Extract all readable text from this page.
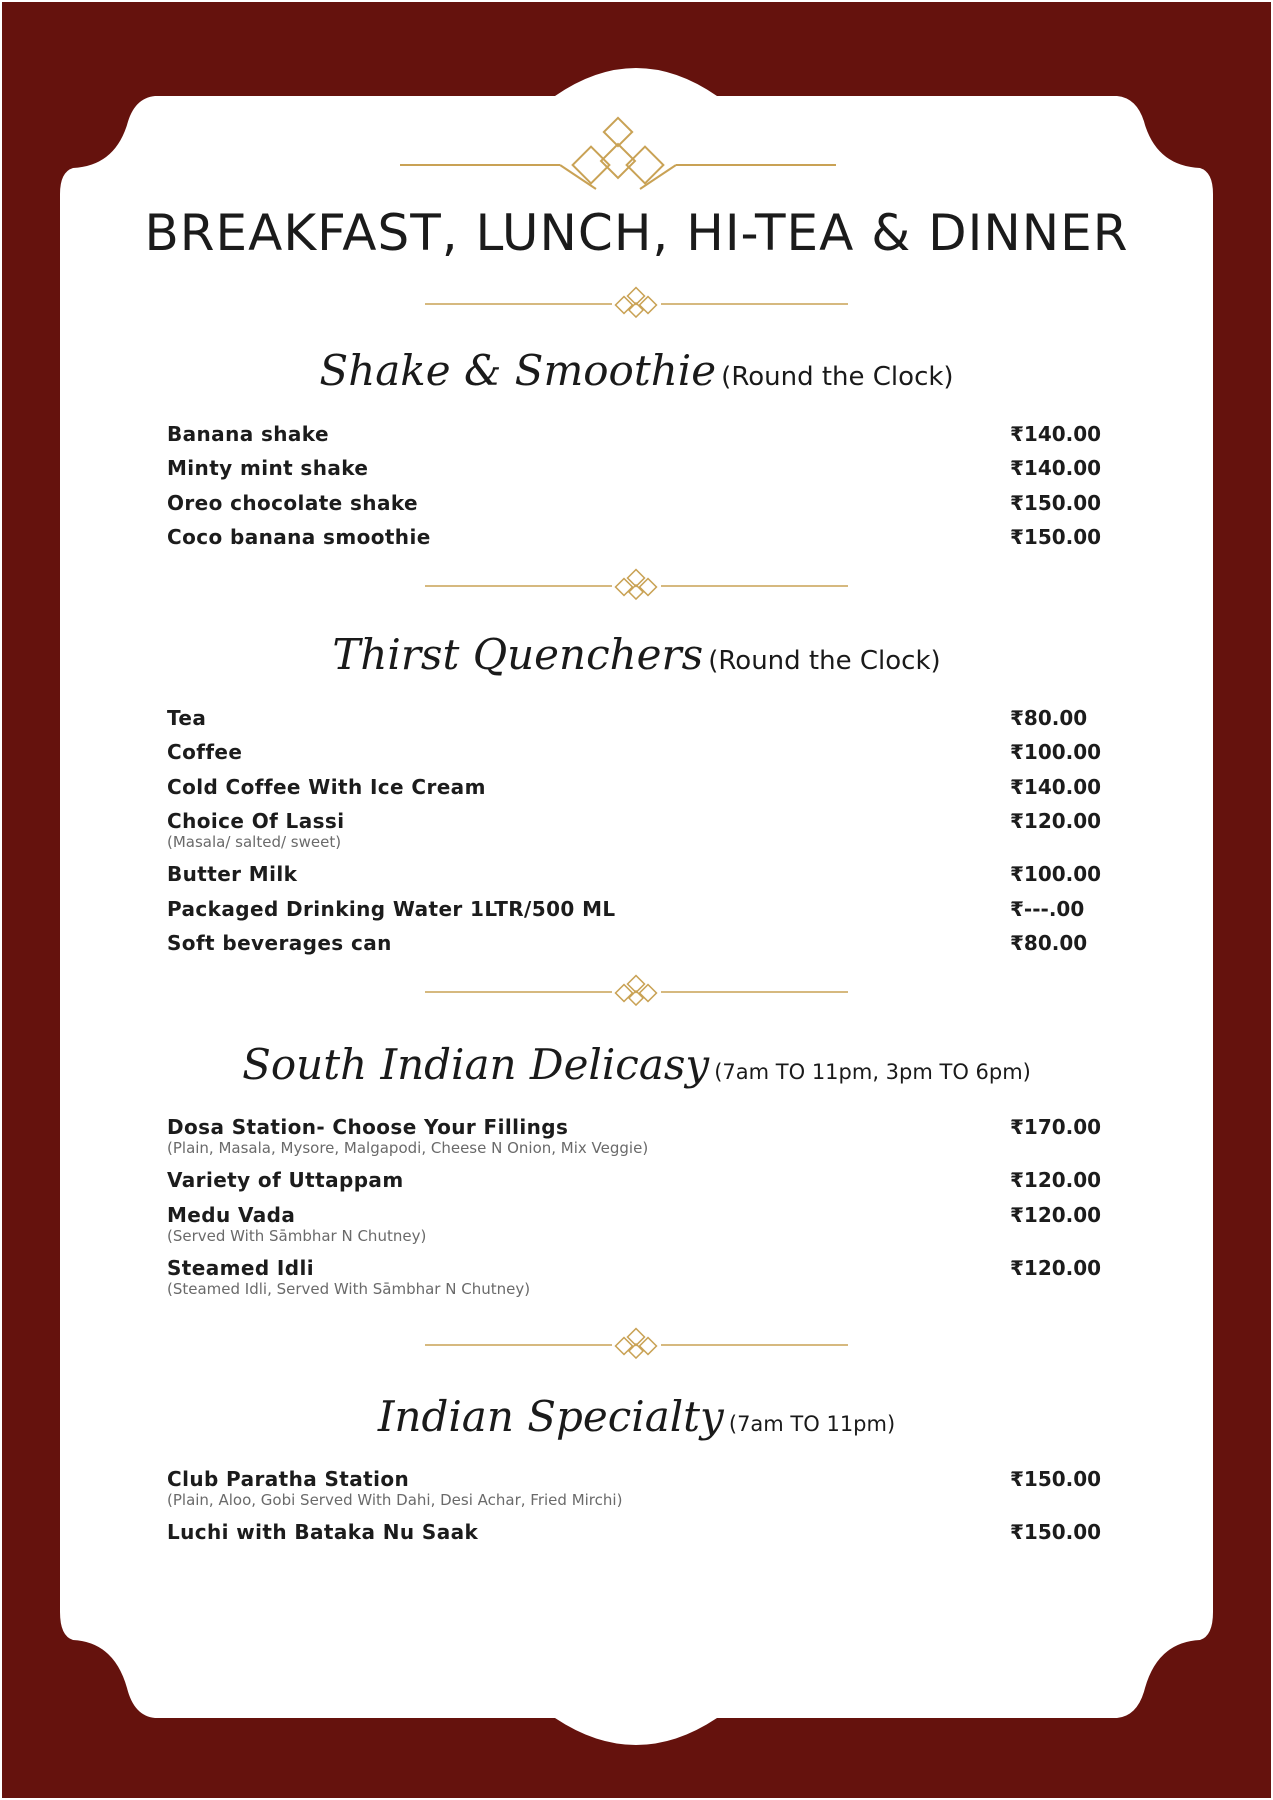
BREAKFAST, LUNCH, HI-TEA & DINNER
Shake & Smoothie (Round the Clock)
Banana shake	₹140.00
Minty mint shake	₹140.00
Oreo chocolate shake	₹150.00
Coco banana smoothie	₹150.00
Thirst Quenchers (Round the Clock)
Tea	₹80.00
Coffee	₹100.00
Cold Coffee With Ice Cream	₹140.00
Choice Of Lassi	₹120.00
(Masala/ salted/ sweet)
Butter Milk	₹100.00
Packaged Drinking Water 1LTR/500 ML	₹---.00
Soft beverages can	₹80.00
South Indian Delicasy (7am TO 11pm, 3pm TO 6pm)
Dosa Station- Choose Your Fillings	₹170.00
(Plain, Masala, Mysore, Malgapodi, Cheese N Onion, Mix Veggie)
Variety of Uttappam	₹120.00
Medu Vada	₹120.00
(Served With Sāmbhar N Chutney)
Steamed Idli	₹120.00
(Steamed Idli, Served With Sāmbhar N Chutney)
Indian Specialty (7am TO 11pm)
Club Paratha Station	₹150.00
(Plain, Aloo, Gobi Served With Dahi, Desi Achar, Fried Mirchi)
Luchi with Bataka Nu Saak	₹150.00
